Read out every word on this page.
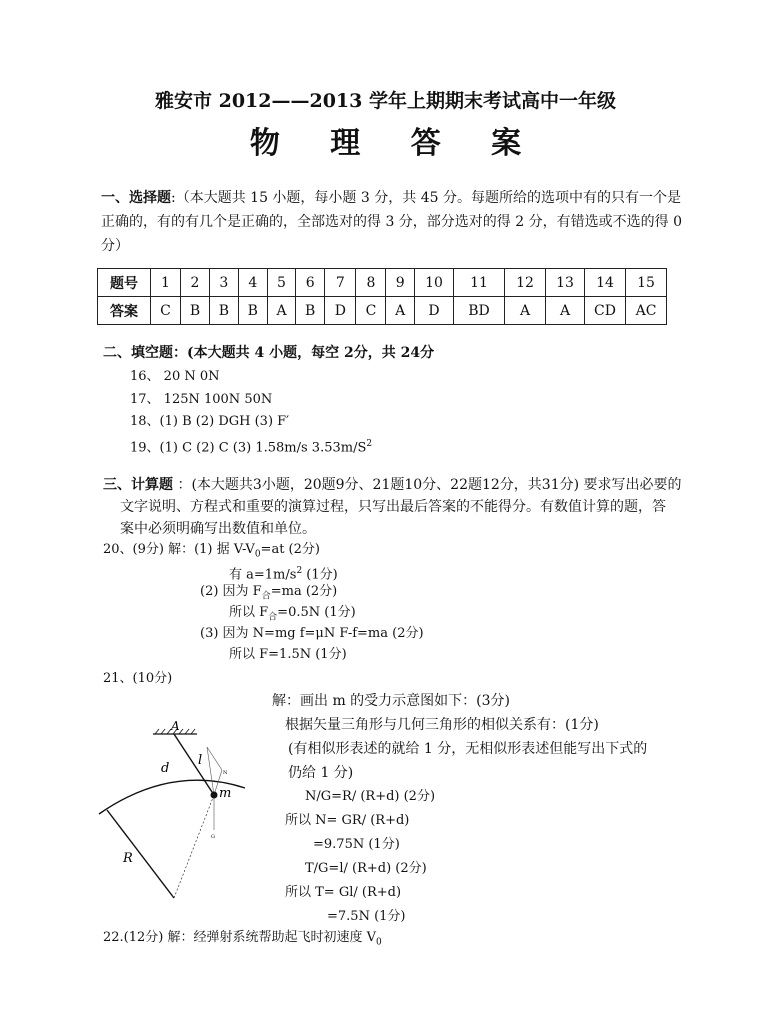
雅安市 2012——2013 学年上期期末考试高中一年级
物 理 答 案
一、选择题:（本大题共 15 小题，每小题 3 分，共 45 分。每题所给的选项中有的只有一个是
正确的，有的有几个是正确的，全部选对的得 3 分，部分选对的得 2 分，有错选或不选的得 0
分）
题号	1	2	3	4	5	6	7	8	9	10	11	12	13	14	15
答案	C	B	B	B	A	B	D	C	A	D	BD	A	A	CD	AC
二、填空题：(本大题共 4 小题，每空 2分，共 24分
16、 20 N 0N
17、 125N 100N 50N
18、(1) B (2) DGH (3) F′
19、(1) C (2) C (3) 1.58m/s $3.53m/S^2$
三、计算题 ：(本大题共3小题，20题9分、21题10分、22题12分，共31分) 要求写出必要的
文字说明、方程式和重要的演算过程，只写出最后答案的不能得分。有数值计算的题，答
案中必须明确写出数值和单位。
20、(9分) 解：(1) 据 $V-V_0=at$ (2分)
有 $a=1m/s^2$ (1分)
(2) 因为 $F_合=ma$ (2分)
所以 $F_合=0.5N$ (1分)
(3) 因为 N=mg f=μN F-f=ma (2分)
所以 F=1.5N (1分)
21、(10分)
解：画出 m 的受力示意图如下：(3分)
根据矢量三角形与几何三角形的相似关系有：(1分)
(有相似形表述的就给 1 分，无相似形表述但能写出下式的
仍给 1 分)
N/G=R/ (R+d) (2分)
所以 N= GR/ (R+d)
=9.75N (1分)
T/G=l/ (R+d) (2分)
所以 T= Gl/ (R+d)
=7.5N (1分)
A
d
l
m
R
N
G
22.(12分) 解：经弹射系统帮助起飞时初速度 $V_0$
